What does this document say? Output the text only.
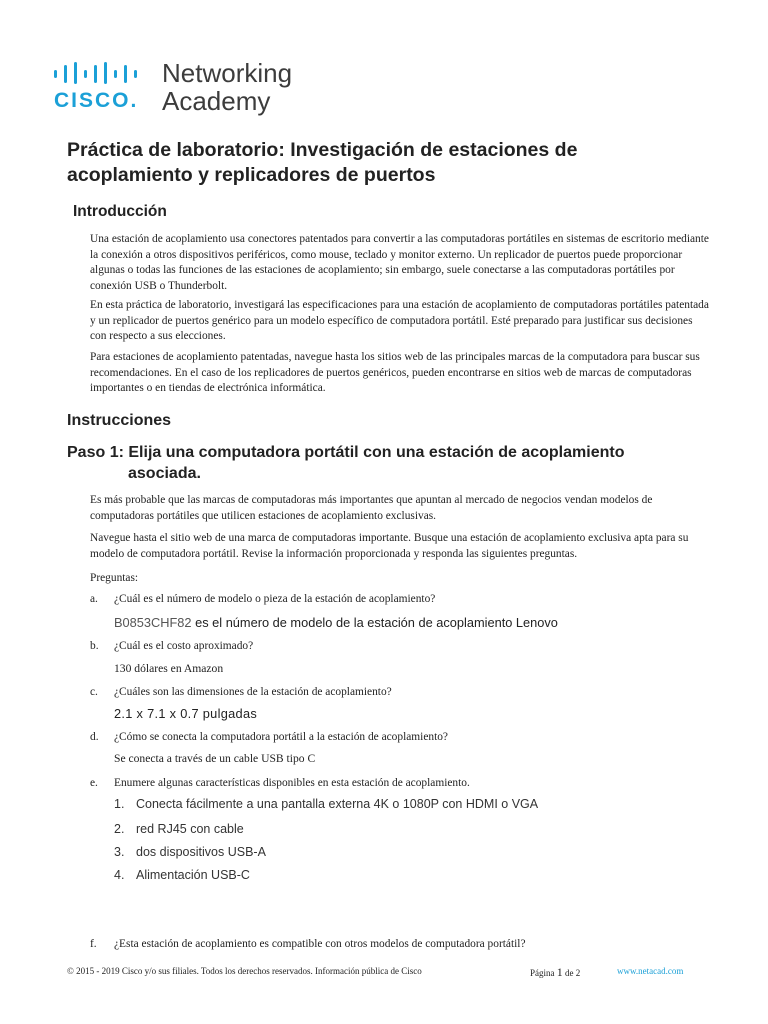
CISCO.
Networking
Academy
Práctica de laboratorio: Investigación de estaciones de acoplamiento y replicadores de puertos
Introducción

Una estación de acoplamiento usa conectores patentados para convertir a las computadoras portátiles en sistemas de escritorio mediante la conexión a otros dispositivos periféricos, como mouse, teclado y monitor externo. Un replicador de puertos puede proporcionar algunas o todas las funciones de las estaciones de acoplamiento; sin embargo, suele conectarse a las computadoras portátiles por conexión USB o Thunderbolt.

En esta práctica de laboratorio, investigará las especificaciones para una estación de acoplamiento de computadoras portátiles patentada y un replicador de puertos genérico para un modelo específico de computadora portátil. Esté preparado para justificar sus decisiones con respecto a sus elecciones.

Para estaciones de acoplamiento patentadas, navegue hasta los sitios web de las principales marcas de la computadora para buscar sus recomendaciones. En el caso de los replicadores de puertos genéricos, pueden encontrarse en sitios web de marcas de computadoras importantes o en tiendas de electrónica informática.

Instrucciones
Paso 1: Elija una computadora portátil con una estación de acoplamiento
asociada.

Es más probable que las marcas de computadoras más importantes que apuntan al mercado de negocios vendan modelos de computadoras portátiles que utilicen estaciones de acoplamiento exclusivas.

Navegue hasta el sitio web de una marca de computadoras importante. Busque una estación de acoplamiento exclusiva apta para su modelo de computadora portátil. Revise la información proporcionada y responda las siguientes preguntas.

Preguntas:

a. ¿Cuál es el número de modelo o pieza de la estación de acoplamiento?
B0853CHF82 es el número de modelo de la estación de acoplamiento Lenovo
b. ¿Cuál es el costo aproximado?
130 dólares en Amazon
c. ¿Cuáles son las dimensiones de la estación de acoplamiento?
2.1 x 7.1 x 0.7 pulgadas
d. ¿Cómo se conecta la computadora portátil a la estación de acoplamiento?
Se conecta a través de un cable USB tipo C
e. Enumere algunas características disponibles en esta estación de acoplamiento.
1. Conecta fácilmente a una pantalla externa 4K o 1080P con HDMI o VGA
2. red RJ45 con cable
3. dos dispositivos USB-A
4. Alimentación USB-C
f. ¿Esta estación de acoplamiento es compatible con otros modelos de computadora portátil?
© 2015 - 2019 Cisco y/o sus filiales. Todos los derechos reservados. Información pública de Cisco	Página 1 de 2	www.netacad.com
